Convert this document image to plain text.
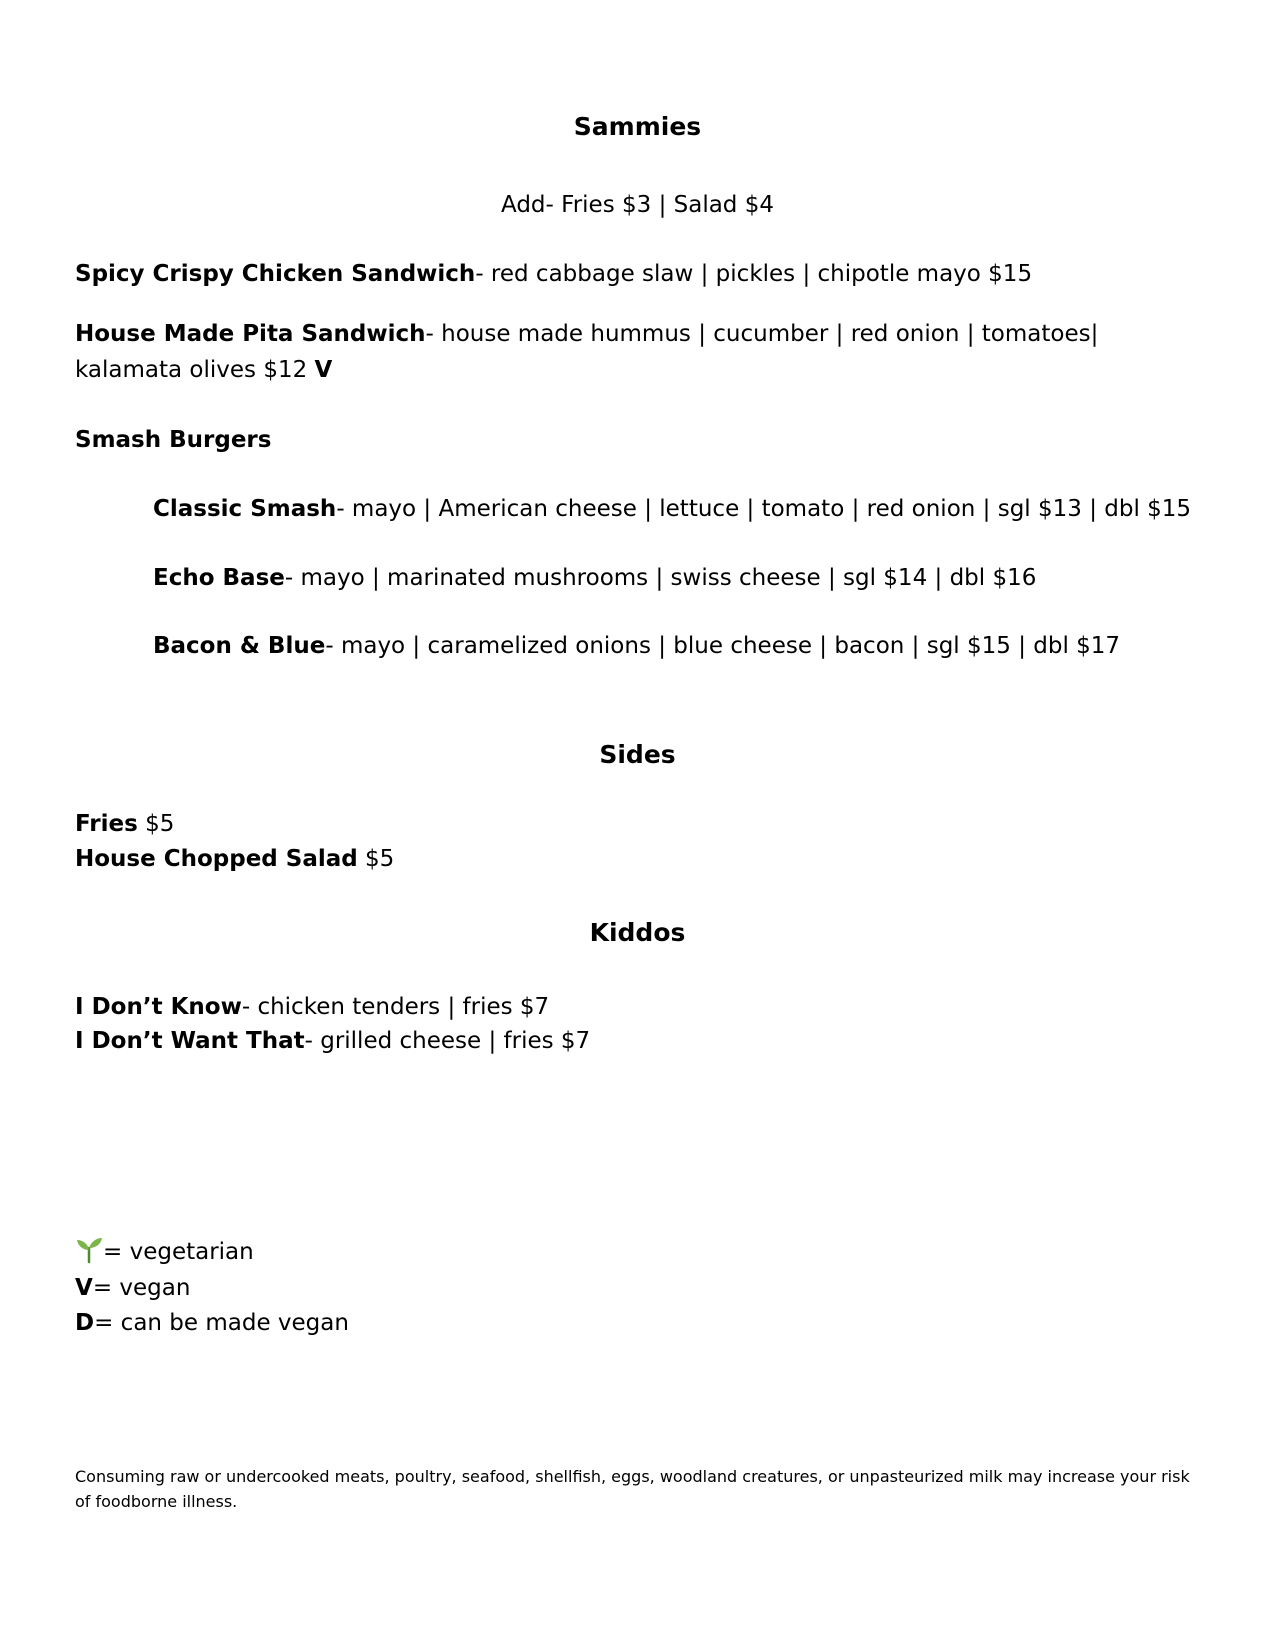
Sammies
Add- Fries $3 | Salad $4
Spicy Crispy Chicken Sandwich- red cabbage slaw | pickles | chipotle mayo $15
House Made Pita Sandwich- house made hummus | cucumber | red onion | tomatoes| kalamata olives $12 V
Smash Burgers
Classic Smash- mayo | American cheese | lettuce | tomato | red onion | sgl $13 | dbl $15
Echo Base- mayo | marinated mushrooms | swiss cheese | sgl $14 | dbl $16
Bacon & Blue- mayo | caramelized onions | blue cheese | bacon | sgl $15 | dbl $17
Sides
Fries $5
House Chopped Salad $5
Kiddos
I Don’t Know- chicken tenders | fries $7
I Don’t Want That- grilled cheese | fries $7
= vegetarian
V= vegan
D= can be made vegan
Consuming raw or undercooked meats, poultry, seafood, shellfish, eggs, woodland creatures, or unpasteurized milk may increase your risk of foodborne illness.
